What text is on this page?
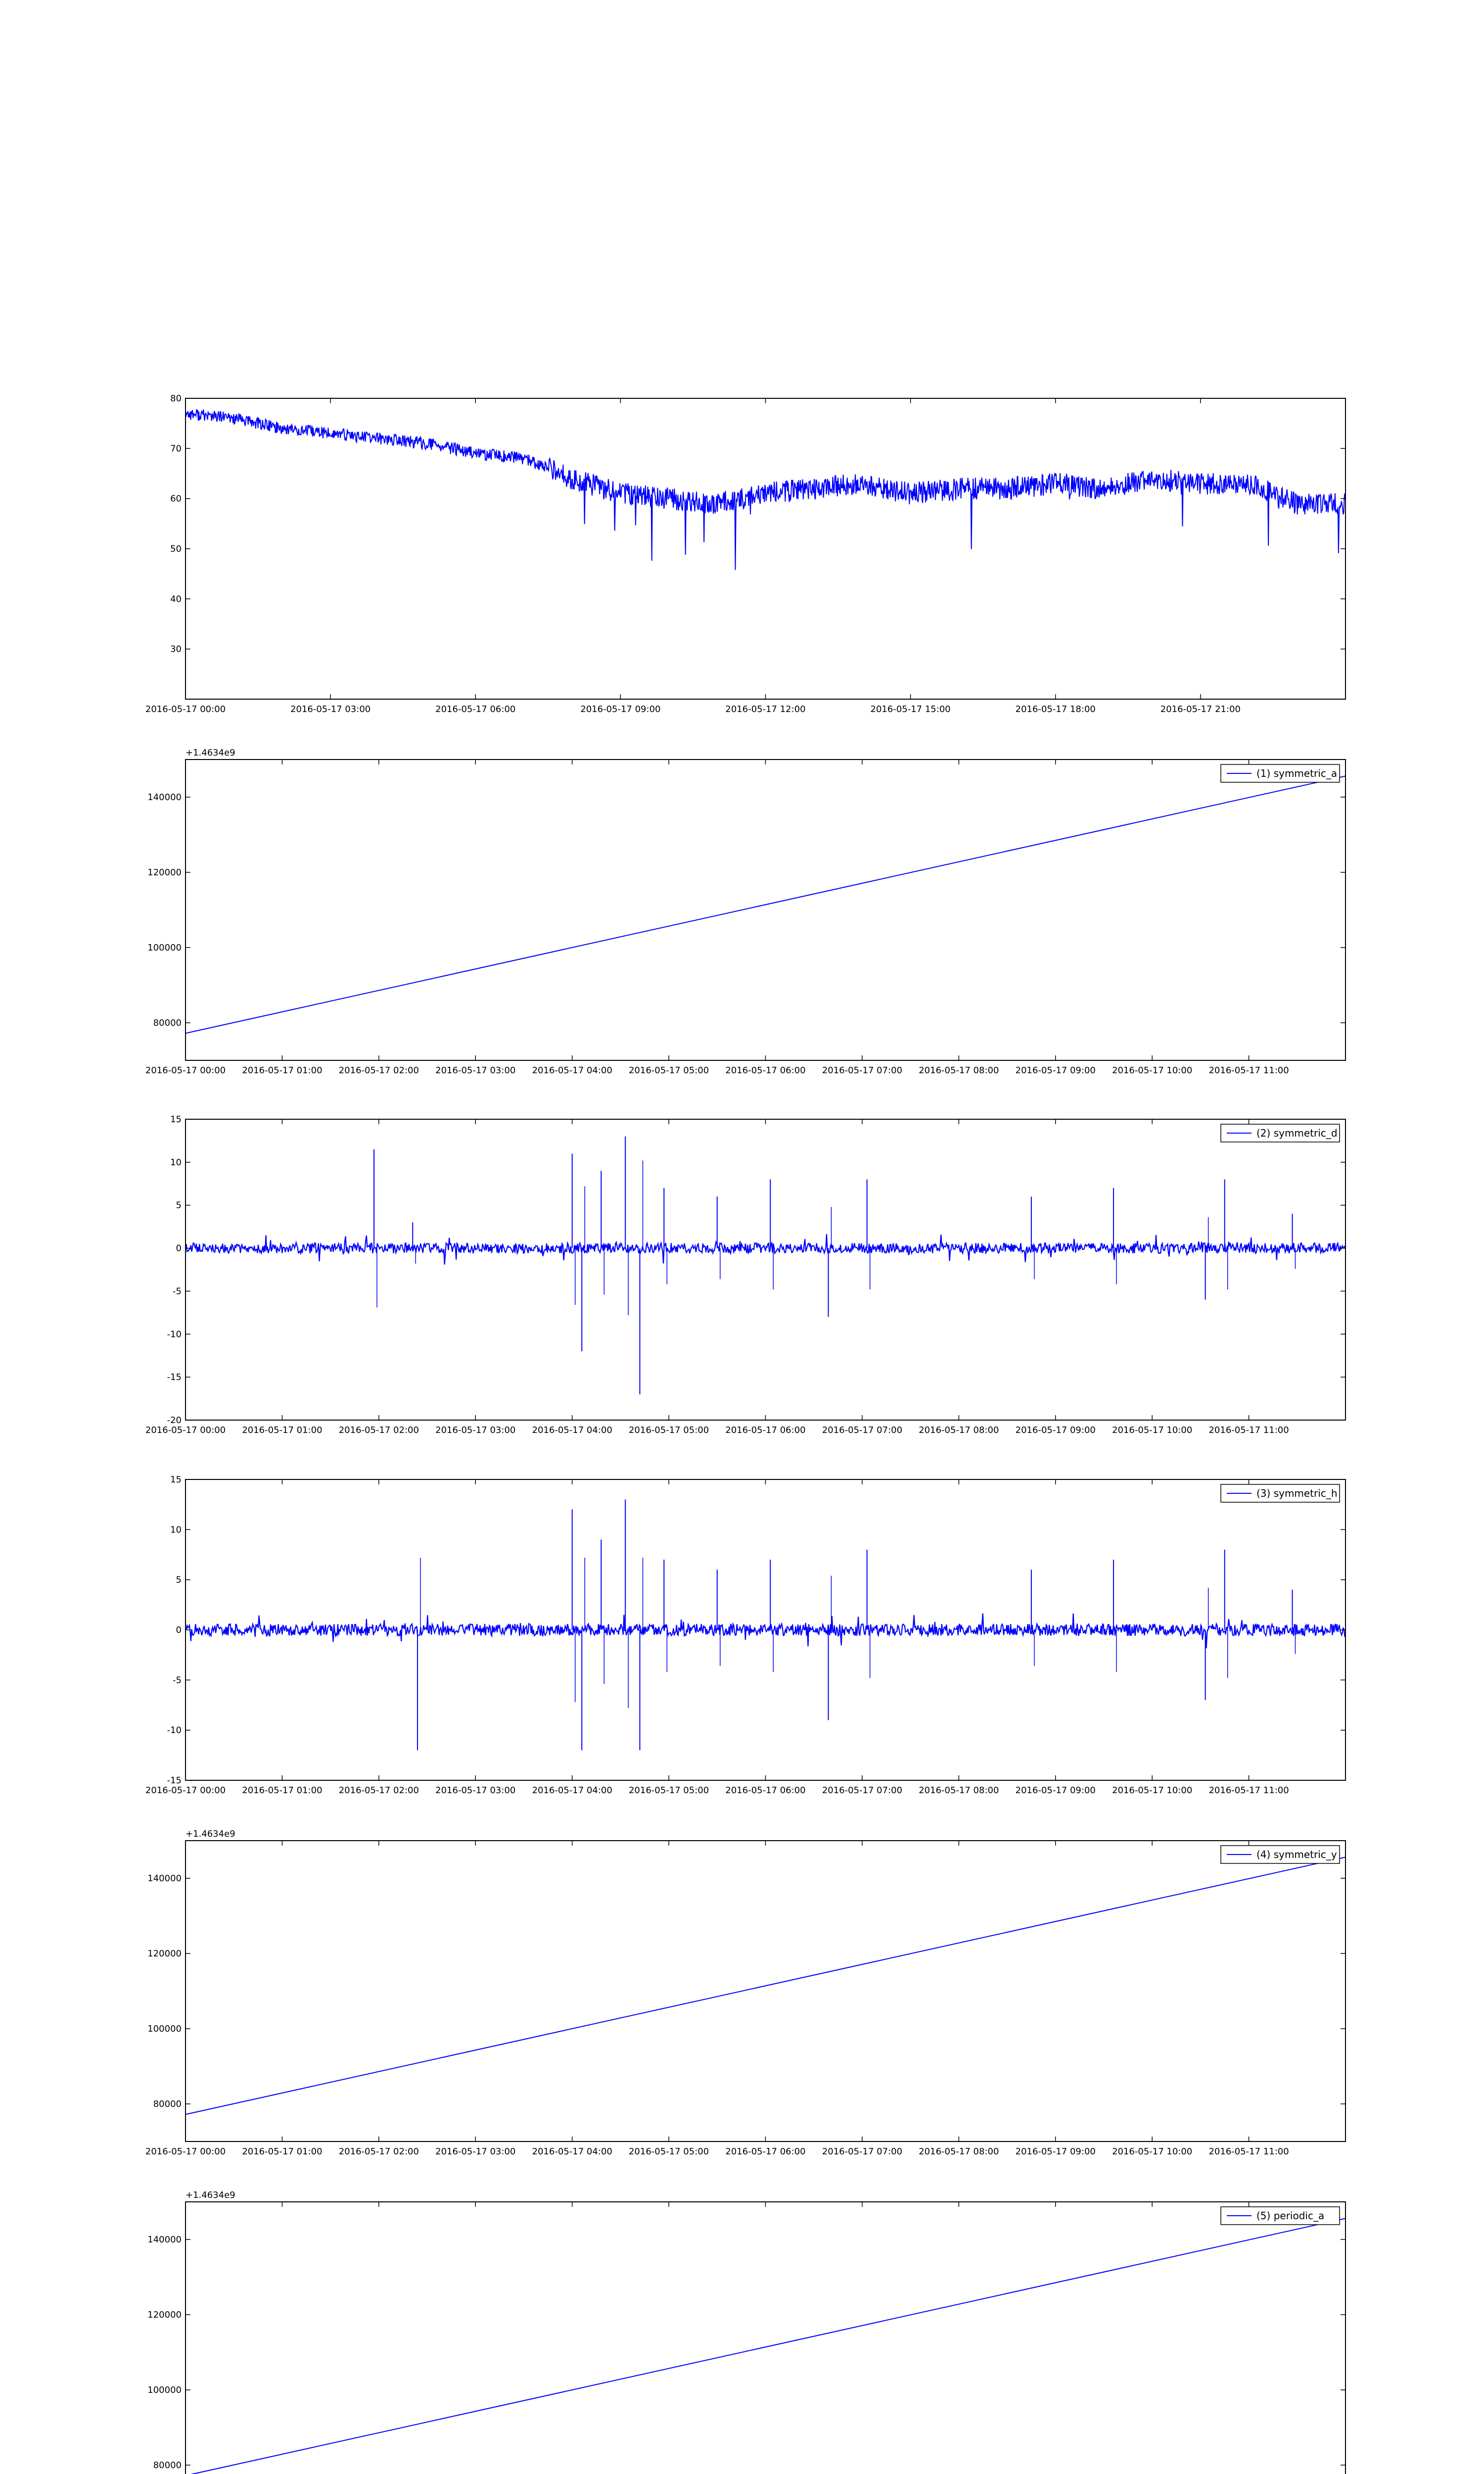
2016-05-17 00:00	2016-05-17 03:00	2016-05-17 06:00	2016-05-17 09:00	2016-05-17 12:00	2016-05-17 15:00	2016-05-17 18:00	2016-05-17 21:00
30
40
50
60
70
80
2016-05-17 00:00 2016-05-17 01:00 2016-05-17 02:00 2016-05-17 03:00 2016-05-17 04:00 2016-05-17 05:00 2016-05-17 06:00 2016-05-17 07:00 2016-05-17 08:00 2016-05-17 09:00 2016-05-17 10:00 2016-05-17 11:00
80000
100000
120000
140000
+1.4634e9
(1) symmetric_a
2016-05-17 00:00 2016-05-17 01:00 2016-05-17 02:00 2016-05-17 03:00 2016-05-17 04:00 2016-05-17 05:00 2016-05-17 06:00 2016-05-17 07:00 2016-05-17 08:00 2016-05-17 09:00 2016-05-17 10:00 2016-05-17 11:00
-20
-15
-10
-5
0
5
10
15
(2) symmetric_d
2016-05-17 00:00 2016-05-17 01:00 2016-05-17 02:00 2016-05-17 03:00 2016-05-17 04:00 2016-05-17 05:00 2016-05-17 06:00 2016-05-17 07:00 2016-05-17 08:00 2016-05-17 09:00 2016-05-17 10:00 2016-05-17 11:00
-15
-10
-5
0
5
10
15
(3) symmetric_h
2016-05-17 00:00 2016-05-17 01:00 2016-05-17 02:00 2016-05-17 03:00 2016-05-17 04:00 2016-05-17 05:00 2016-05-17 06:00 2016-05-17 07:00 2016-05-17 08:00 2016-05-17 09:00 2016-05-17 10:00 2016-05-17 11:00
80000
100000
120000
140000
+1.4634e9
(4) symmetric_y
80000
100000
120000
140000
+1.4634e9
(5) periodic_a
